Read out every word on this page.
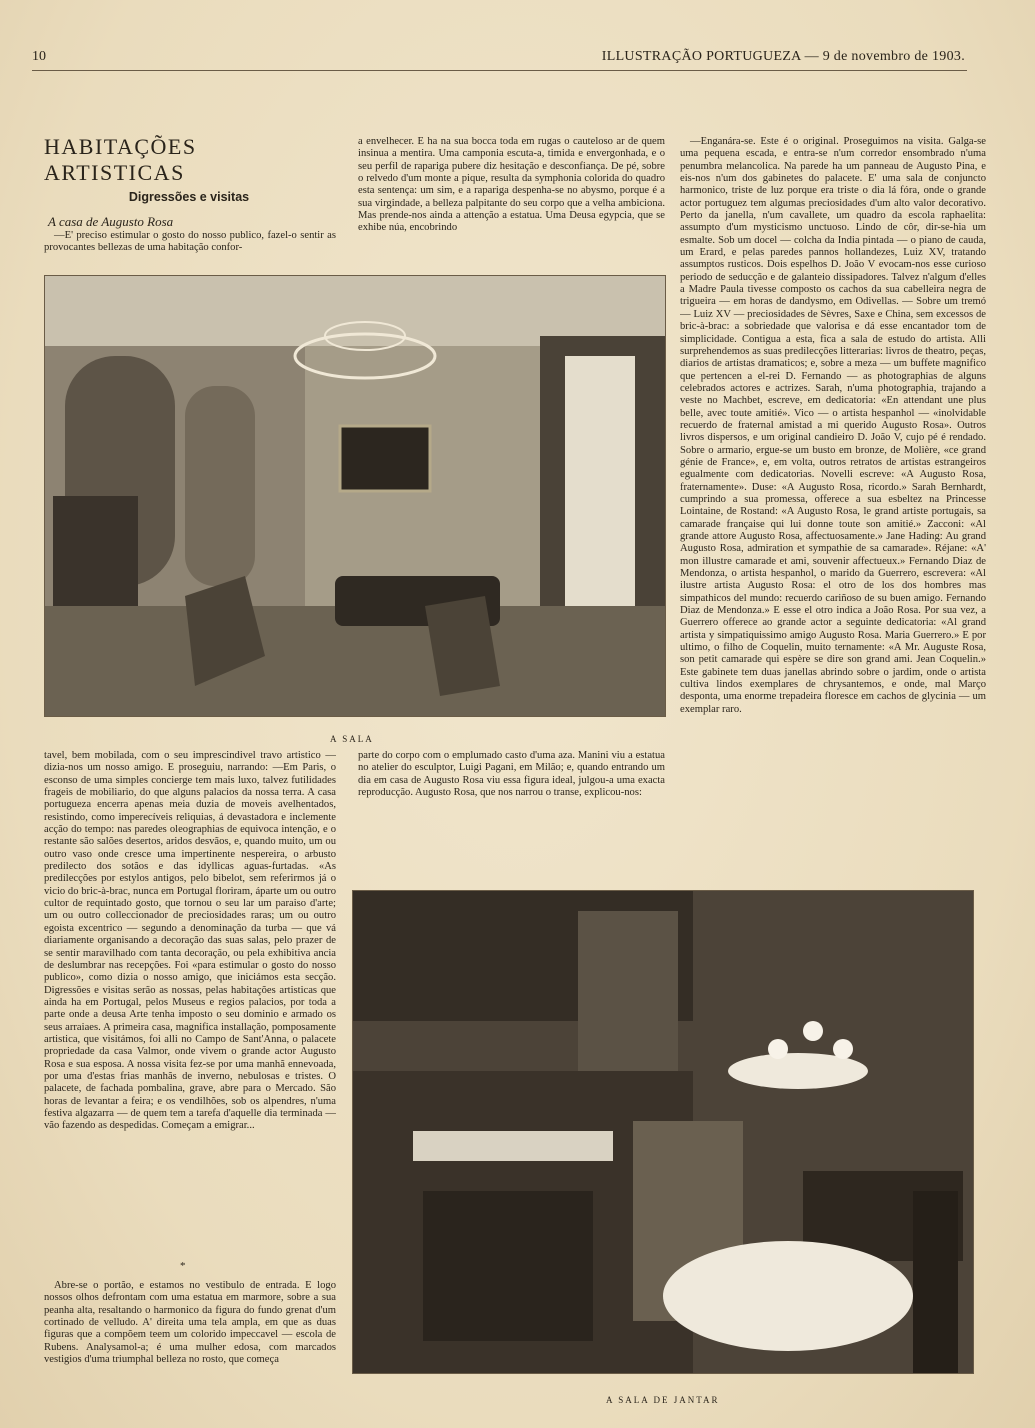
10	ILLUSTRAÇÃO PORTUGUEZA — 9 de novembro de 1903.
HABITAÇÕES ARTISTICAS
Digressões e visitas
A casa de Augusto Rosa

—E' preciso estimular o gosto do nosso publico, fazel-o sentir as provocantes bellezas de uma habitação confor-

a envelhecer. E ha na sua bocca toda em rugas o cauteloso ar de quem insinua a mentira. Uma camponia escuta-a, timida e envergonhada, e o seu perfil de rapariga pubere diz hesitação e desconfiança. De pé, sobre o relvedo d'um monte a pique, resulta da symphonia colorida do quadro esta sentença: um sim, e a rapariga despenha-se no abysmo, porque é a sua virgindade, a belleza palpitante do seu corpo que a velha ambiciona. Mas prende-nos ainda a attenção a estatua. Uma Deusa egypcia, que se exhibe núa, encobrindo

—Enganára-se. Este é o original. Proseguimos na visita. Galga-se uma pequena escada, e entra-se n'um corredor ensombrado n'uma penumbra melancolica. Na parede ha um panneau de Augusto Pina, e eis-nos n'um dos gabinetes do palacete. E' uma sala de conjuncto harmonico, triste de luz porque era triste o dia lá fóra, onde o grande actor portuguez tem algumas preciosidades d'um alto valor decorativo. Perto da janella, n'um cavallete, um quadro da escola raphaelita: assumpto d'um mysticismo unctuoso. Lindo de côr, dir-se-hia um esmalte. Sob um docel — colcha da India pintada — o piano de cauda, um Erard, e pelas paredes pannos hollandezes, Luiz XV, tratando assumptos rusticos. Dois espelhos D. João V evocam-nos esse curioso periodo de seducção e de galanteio dissipadores. Talvez n'algum d'elles a Madre Paula tivesse composto os cachos da sua cabelleira negra de trigueira — em horas de dandysmo, em Odivellas. — Sobre um tremó — Luiz XV — preciosidades de Sèvres, Saxe e China, sem excessos de bric-à-brac: a sobriedade que valorisa e dá esse encantador tom de simplicidade. Contigua a esta, fica a sala de estudo do artista. Alli surprehendemos as suas predilecções litterarias: livros de theatro, peças, diarios de artistas dramaticos; e, sobre a meza — um buffete magnifico que pertencen a el-rei D. Fernando — as photographias de alguns celebrados actores e actrizes. Sarah, n'uma photographia, trajando a veste no Machbet, escreve, em dedicatoria: «En attendant une plus belle, avec toute amitié». Vico — o artista hespanhol — «inolvidable recuerdo de fraternal amistad a mi querido Augusto Rosa». Outros livros dispersos, e um original candieiro D. João V, cujo pé é rendado. Sobre o armario, ergue-se um busto em bronze, de Molière, «ce grand génie de France», e, em volta, outros retratos de artistas estrangeiros egualmente com dedicatorias. Novelli escreve: «A Augusto Rosa, fraternamente». Duse: «A Augusto Rosa, ricordo.» Sarah Bernhardt, cumprindo a sua promessa, offerece a sua esbeltez na Princesse Lointaine, de Rostand: «A Augusto Rosa, le grand artiste portugais, sa camarade française qui lui donne toute son amitié.» Zacconi: «Al grande attore Augusto Rosa, affectuosamente.» Jane Hading: Au grand Augusto Rosa, admiration et sympathie de sa camarade». Réjane: «A' mon illustre camarade et ami, souvenir affectueux.» Fernando Diaz de Mendonza, o artista hespanhol, o marido da Guerrero, escrevera: «Al ilustre artista Augusto Rosa: el otro de los dos hombres mas simpathicos del mundo: recuerdo cariñoso de su buen amigo. Fernando Diaz de Mendonza.» E esse el otro indica a João Rosa. Por sua vez, a Guerrero offerece ao grande actor a seguinte dedicatoria: «Al grand artista y simpatiquissimo amigo Augusto Rosa. Maria Guerrero.» E por ultimo, o filho de Coquelin, muito ternamente: «A Mr. Auguste Rosa, son petit camarade qui espère se dire son grand ami. Jean Coquelin.» Este gabinete tem duas janellas abrindo sobre o jardim, onde o artista cultiva lindos exemplares de chrysantemos, e onde, mal Março desponta, uma enorme trepadeira floresce em cachos de glycinia — um exemplar raro.

A SALA

tavel, bem mobilada, com o seu imprescindivel travo artistico — dizia-nos um nosso amigo. E proseguiu, narrando: —Em Paris, o esconso de uma simples concierge tem mais luxo, talvez futilidades frageis de mobiliario, do que alguns palacios da nossa terra. A casa portugueza encerra apenas meia duzia de moveis avelhentados, resistindo, como imperecíveis reliquias, á devastadora e inclemente acção do tempo: nas paredes oleographias de equivoca intenção, e o restante são salões desertos, aridos desvãos, e, quando muito, um ou outro vaso onde cresce uma impertinente nespereira, o arbusto predilecto dos sotãos e das idyllicas aguas-furtadas. «As predilecções por estylos antigos, pelo bibelot, sem referirmos já o vicio do bric-à-brac, nunca em Portugal floriram, áparte um ou outro cultor de requintado gosto, que tornou o seu lar um paraiso d'arte; um ou outro colleccionador de preciosidades raras; um ou outro egoista excentrico — segundo a denominação da turba — que vá diariamente organisando a decoração das suas salas, pelo prazer de se sentir maravilhado com tanta decoração, ou pela exhibitiva ancia de deslumbrar nas recepções. Foi «para estimular o gosto do nosso publico», como dizia o nosso amigo, que iniciámos esta secção. Digressões e visitas serão as nossas, pelas habitações artisticas que ainda ha em Portugal, pelos Museus e regios palacios, por toda a parte onde a deusa Arte tenha imposto o seu dominio e armado os seus arraiaes. A primeira casa, magnifica installação, pomposamente artistica, que visitámos, foi alli no Campo de Sant'Anna, o palacete propriedade da casa Valmor, onde vivem o grande actor Augusto Rosa e sua esposa. A nossa visita fez-se por uma manhã ennevoada, por uma d'estas frias manhãs de inverno, nebulosas e tristes. O palacete, de fachada pombalina, grave, abre para o Mercado. São horas de levantar a feira; e os vendilhões, sob os alpendres, n'uma festiva algazarra — de quem tem a tarefa d'aquelle dia terminada — vão fazendo as despedidas. Começam a emigrar...

parte do corpo com o emplumado casto d'uma aza. Manini viu a estatua no atelier do esculptor, Luigi Pagani, em Milão; e, quando entrando um dia em casa de Augusto Rosa viu essa figura ideal, julgou-a uma exacta reproducção. Augusto Rosa, que nos narrou o transe, explicou-nos:

*

Abre-se o portão, e estamos no vestibulo de entrada. E logo nossos olhos defrontam com uma estatua em marmore, sobre a sua peanha alta, resaltando o harmonico da figura do fundo grenat d'um cortinado de velludo. A' direita uma tela ampla, em que as duas figuras que a compõem teem um colorido impeccavel — escola de Rubens. Analysamol-a; é uma mulher edosa, com marcados vestigios d'uma triumphal belleza no rosto, que começa

A SALA DE JANTAR
